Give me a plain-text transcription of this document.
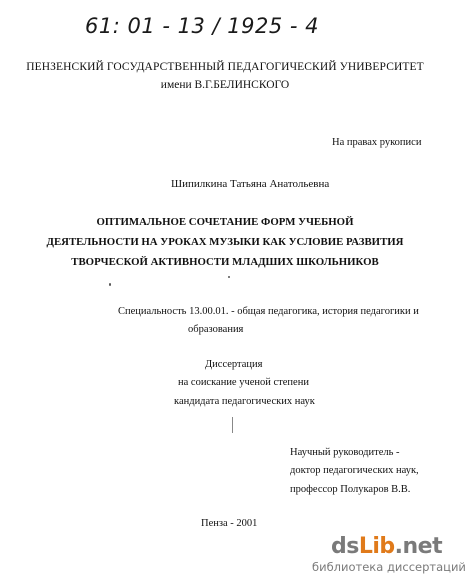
61: 01 - 13 / 1925 - 4
ПЕНЗЕНСКИЙ ГОСУДАРСТВЕННЫЙ ПЕДАГОГИЧЕСКИЙ УНИВЕРСИТЕТ
имени В.Г.БЕЛИНСКОГО
На правах рукописи
Шипилкина Татьяна Анатольевна
ОПТИМАЛЬНОЕ СОЧЕТАНИЕ ФОРМ УЧЕБНОЙ
ДЕЯТЕЛЬНОСТИ НА УРОКАХ МУЗЫКИ КАК УСЛОВИЕ РАЗВИТИЯ
ТВОРЧЕСКОЙ АКТИВНОСТИ МЛАДШИХ ШКОЛЬНИКОВ
Специальность 13.00.01. - общая педагогика, история педагогики и
образования
Диссертация
на соискание ученой степени
кандидата педагогических наук
Научный руководитель -
доктор педагогических наук,
профессор Полукаров В.В.
Пенза - 2001
dsLib.net
библиотека диссертаций
